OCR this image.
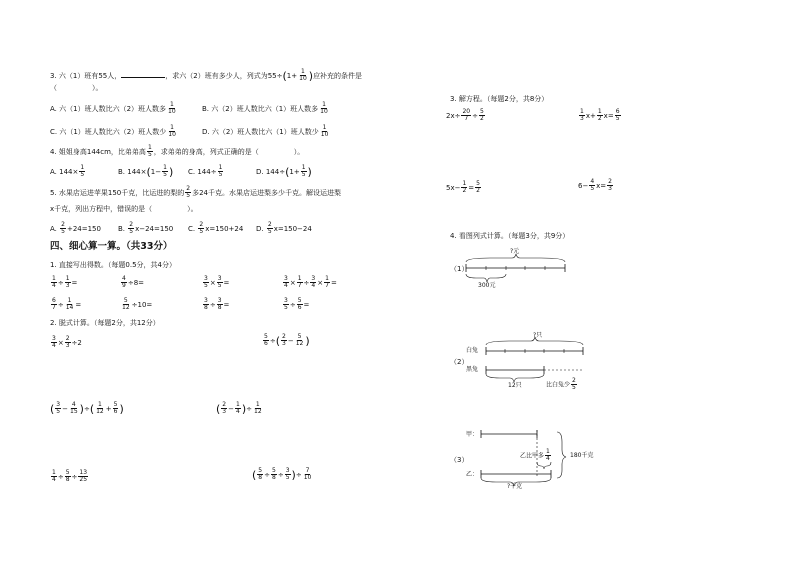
3. 六（1）班有55人，	，求六（2）班有多少人，列式为$55\div(1+ \frac{1}{10}$ )应补充的条件是
（　　　　　）。
A. 六（1）班人数比六（2）班人数多 $\frac{1}{10}$	B. 六（2）班人数比六（1）班人数多 $\frac{1}{10}$
C. 六（1）班人数比六（2）班人数少 $\frac{1}{10}$	D. 六（2）班人数比六（1）班人数少 $\frac{1}{10}$
4. 姐姐身高144cm，比弟弟高 $\frac{1}{5}$ ，求弟弟的身高，列式正确的是（　　　　　）。
A. $144\times \frac{1}{5}$	B. $144\times(1- \frac{1}{5}$ ) C. $144\div \frac{1}{5}$	D. $144\div(1+ \frac{1}{5}$ )
5. 水果店运进苹果150千克，比运进的梨的 $\frac{2}{5}$ 多24千克。水果店运进梨多少千克。解设运进梨
x千克，列出方程中，错误的是（　　　　　）。
A. $\frac{2}{5} +24=150$ B. $\frac{2}{5} x-24=150$ C. $\frac{2}{5} x=150+24$ D. $\frac{2}{5} x=150-24$
四、细心算一算。（共33分）
1. 直接写出得数。（每题0.5分，共4分）
$\frac{1}{4} \div \frac{1}{3}$ =	$\frac{4}{9} \div 8=$	$\frac{3}{5} \times \frac{3}{5}$ =	$\frac{3}{4} \times \frac{1}{7} \div \frac{3}{4} \times \frac{1}{7}$ =
$\frac{6}{7} \div \frac{1}{14}$ =	$\frac{5}{12} \div 10=$	$\frac{3}{8} \div \frac{3}{8}$ =	$\frac{3}{5} \div \frac{5}{6}$ =
2. 脱式计算。（每题2分，共12分）
$\frac{3}{4} \times \frac{2}{3} \div 2$	$\frac{5}{6}$ ÷( $\frac{2}{3} - \frac{5}{12}$ )
( $\frac{3}{5} - \frac{4}{15}$ )÷( $\frac{1}{12} + \frac{5}{6}$ )	( $\frac{2}{3} - \frac{1}{4}$ )÷ $\frac{1}{12}$
$\frac{1}{4} \div \frac{5}{8} \div \frac{13}{25}$	( $\frac{5}{8} \div \frac{5}{8} \div \frac{3}{5}$ )÷ $\frac{7}{10}$
3. 解方程。（每题2分，共8分）
$2x\div \frac{20}{7} \div \frac{5}{2}$	$\frac{1}{3} x+ \frac{1}{2} x= \frac{6}{5}$
$5x- \frac{1}{2} = \frac{5}{2}$	$6- \frac{4}{5} x= \frac{2}{3}$
4. 看图列式计算。（每题3分，共9分）
（1）
?元
300元
（2）
白兔
黑兔
?只
12只	比白兔少 $\frac{2}{5}$
（3）
甲：
乙：
乙比甲多 $\frac{1}{4}$	180千克
?千克
